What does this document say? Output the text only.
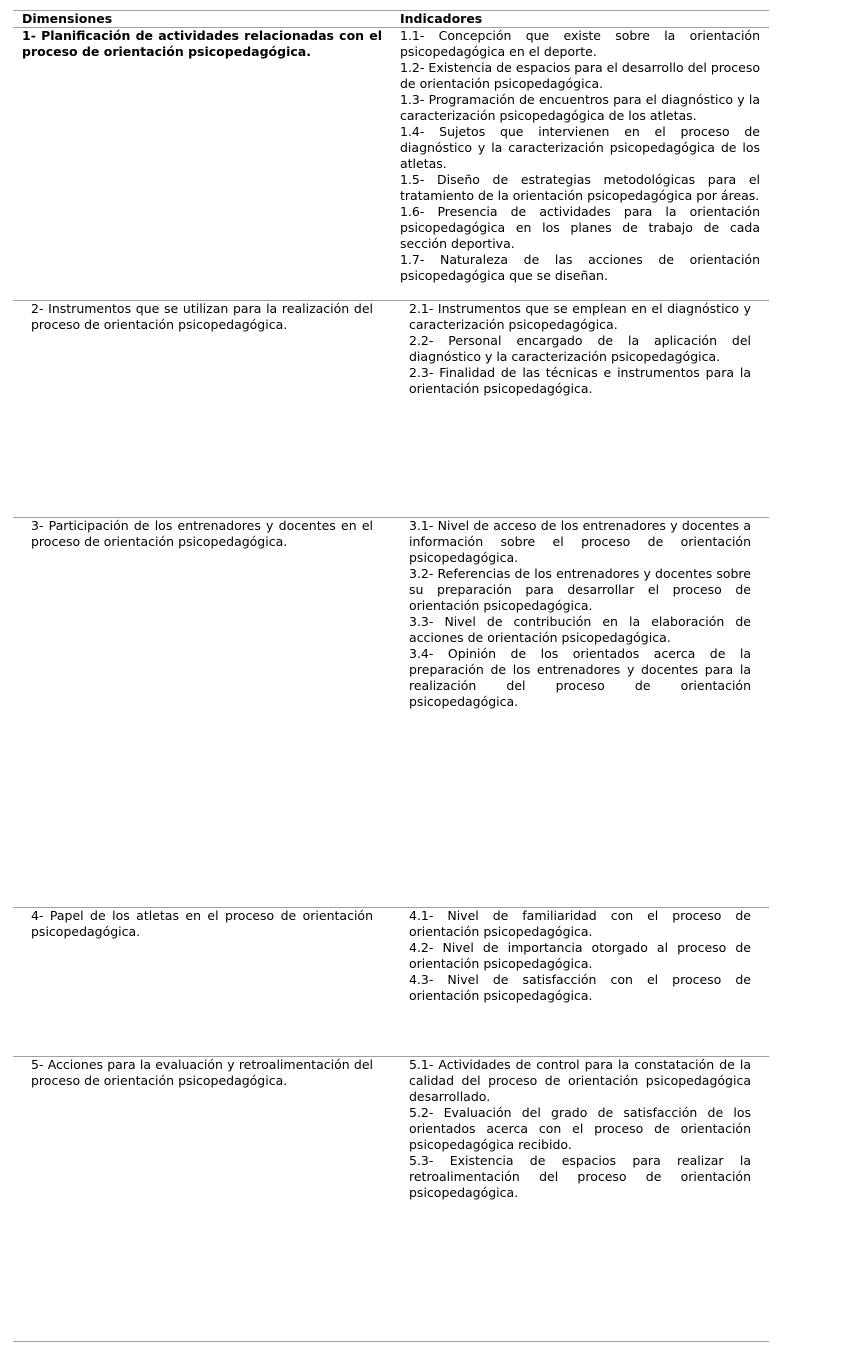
Dimensiones	Indicadores
1- Planificación de actividades relacionadas con el proceso de orientación psicopedagógica.

1.1- Concepción que existe sobre la orientación psicopedagógica en el deporte.

1.2- Existencia de espacios para el desarrollo del proceso de orientación psicopedagógica.

1.3- Programación de encuentros para el diagnóstico y la caracterización psicopedagógica de los atletas.

1.4- Sujetos que intervienen en el proceso de diagnóstico y la caracterización psicopedagógica de los atletas.

1.5- Diseño de estrategias metodológicas para el tratamiento de la orientación psicopedagógica por áreas.

1.6- Presencia de actividades para la orientación psicopedagógica en los planes de trabajo de cada sección deportiva.

1.7- Naturaleza de las acciones de orientación psicopedagógica que se diseñan.

2- Instrumentos que se utilizan para la realización del proceso de orientación psicopedagógica.

2.1- Instrumentos que se emplean en el diagnóstico y caracterización psicopedagógica.

2.2- Personal encargado de la aplicación del diagnóstico y la caracterización psicopedagógica.

2.3- Finalidad de las técnicas e instrumentos para la orientación psicopedagógica.

3- Participación de los entrenadores y docentes en el proceso de orientación psicopedagógica.

3.1- Nivel de acceso de los entrenadores y docentes a información sobre el proceso de orientación psicopedagógica.

3.2- Referencias de los entrenadores y docentes sobre su preparación para desarrollar el proceso de orientación psicopedagógica.

3.3- Nivel de contribución en la elaboración de acciones de orientación psicopedagógica.

3.4- Opinión de los orientados acerca de la preparación de los entrenadores y docentes para la realización del proceso de orientación psicopedagógica.

4- Papel de los atletas en el proceso de orientación psicopedagógica.

4.1- Nivel de familiaridad con el proceso de orientación psicopedagógica.

4.2- Nivel de importancia otorgado al proceso de orientación psicopedagógica.

4.3- Nivel de satisfacción con el proceso de orientación psicopedagógica.

5- Acciones para la evaluación y retroalimentación del proceso de orientación psicopedagógica.

5.1- Actividades de control para la constatación de la calidad del proceso de orientación psicopedagógica desarrollado.

5.2- Evaluación del grado de satisfacción de los orientados acerca con el proceso de orientación psicopedagógica recibido.

5.3- Existencia de espacios para realizar la retroalimentación del proceso de orientación psicopedagógica.
